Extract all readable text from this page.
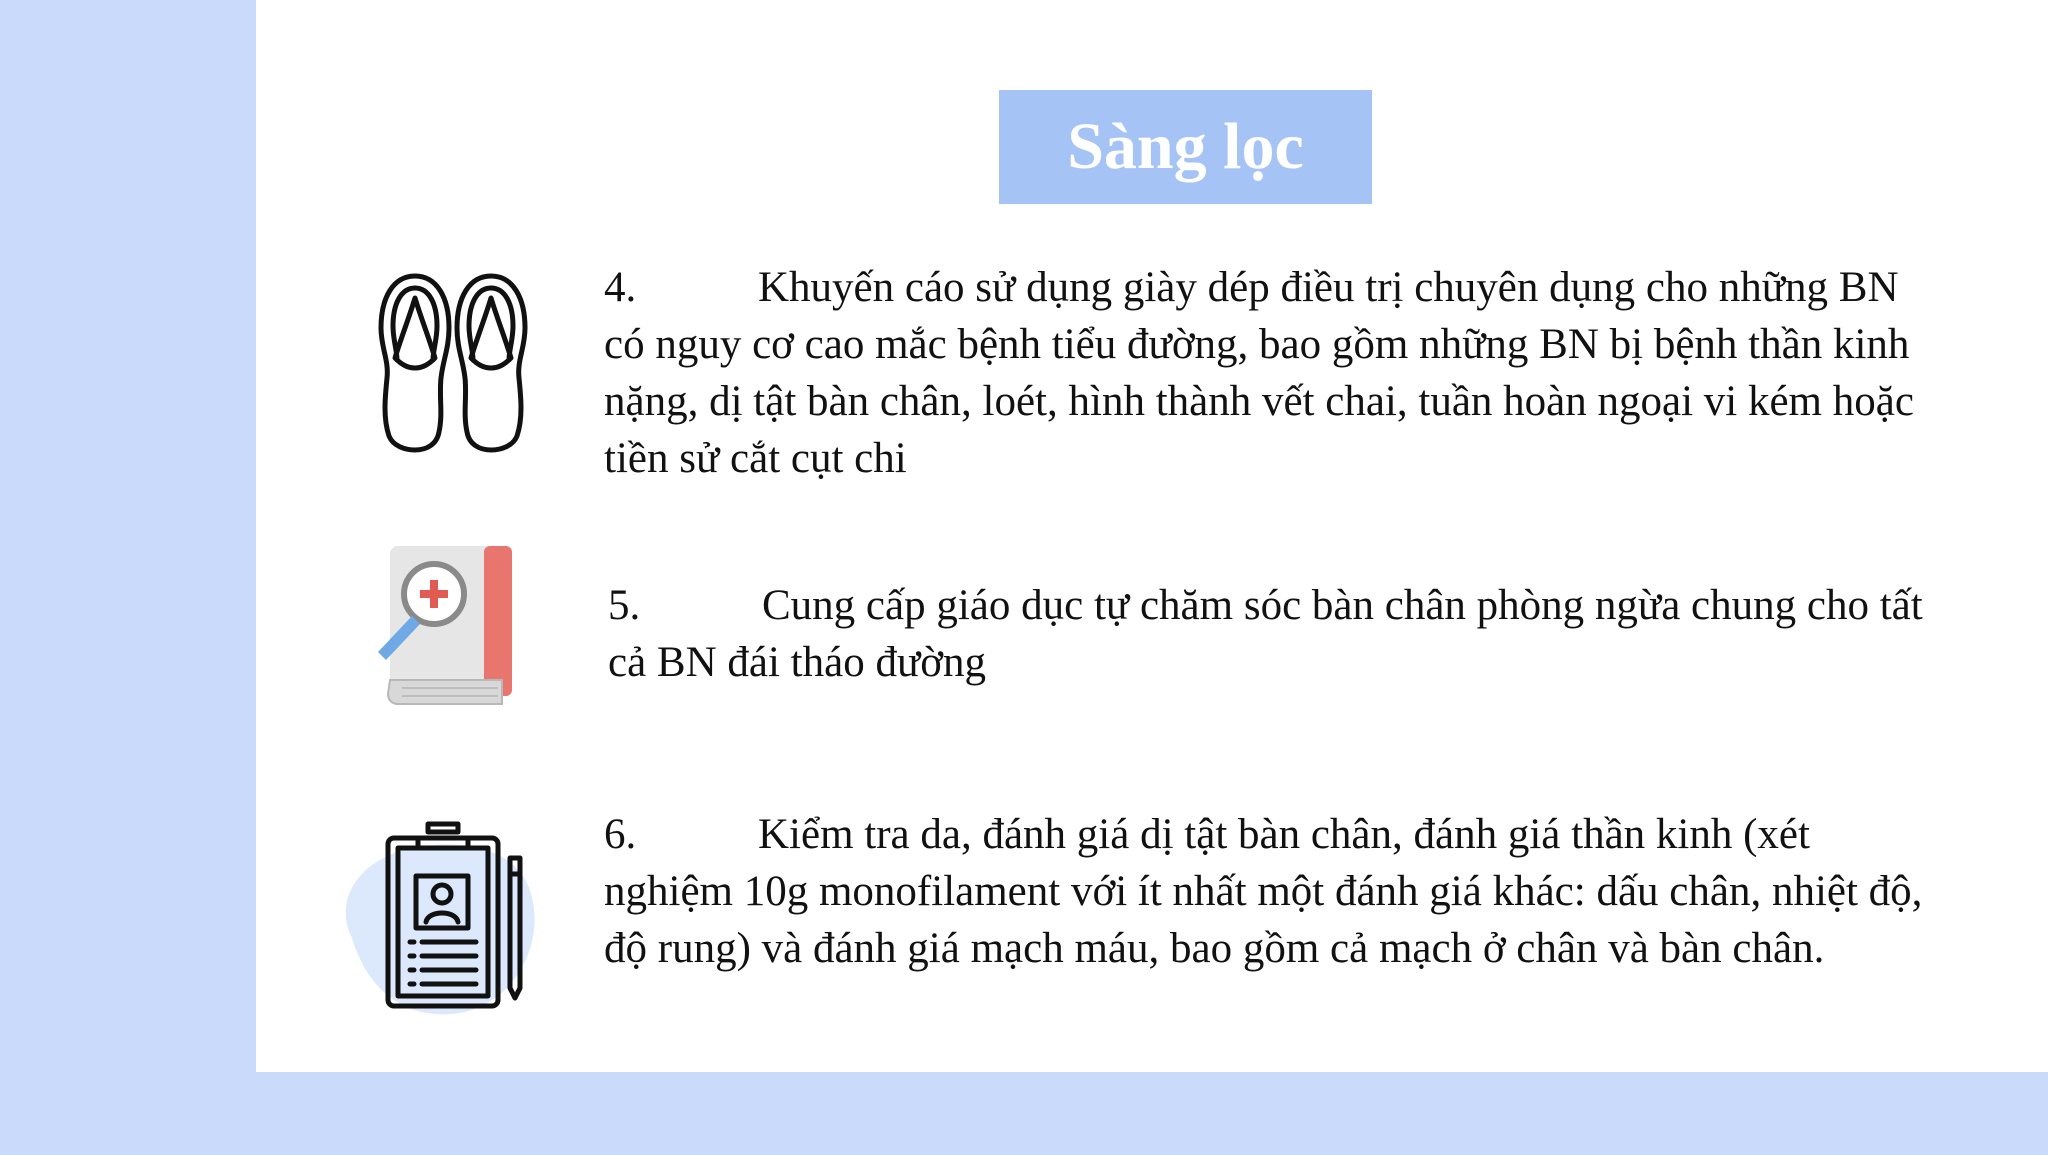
Sàng lọc
4.	Khuyến cáo sử dụng giày dép điều trị chuyên dụng cho những BN có nguy cơ cao mắc bệnh tiểu đường, bao gồm những BN bị bệnh thần kinh nặng, dị tật bàn chân, loét, hình thành vết chai, tuần hoàn ngoại vi kém hoặc tiền sử cắt cụt chi
5.	Cung cấp giáo dục tự chăm sóc bàn chân phòng ngừa chung cho tất cả BN đái tháo đường
6.	Kiểm tra da, đánh giá dị tật bàn chân, đánh giá thần kinh (xét nghiệm 10g monofilament với ít nhất một đánh giá khác: dấu chân, nhiệt độ, độ rung) và đánh giá mạch máu, bao gồm cả mạch ở chân và bàn chân.
